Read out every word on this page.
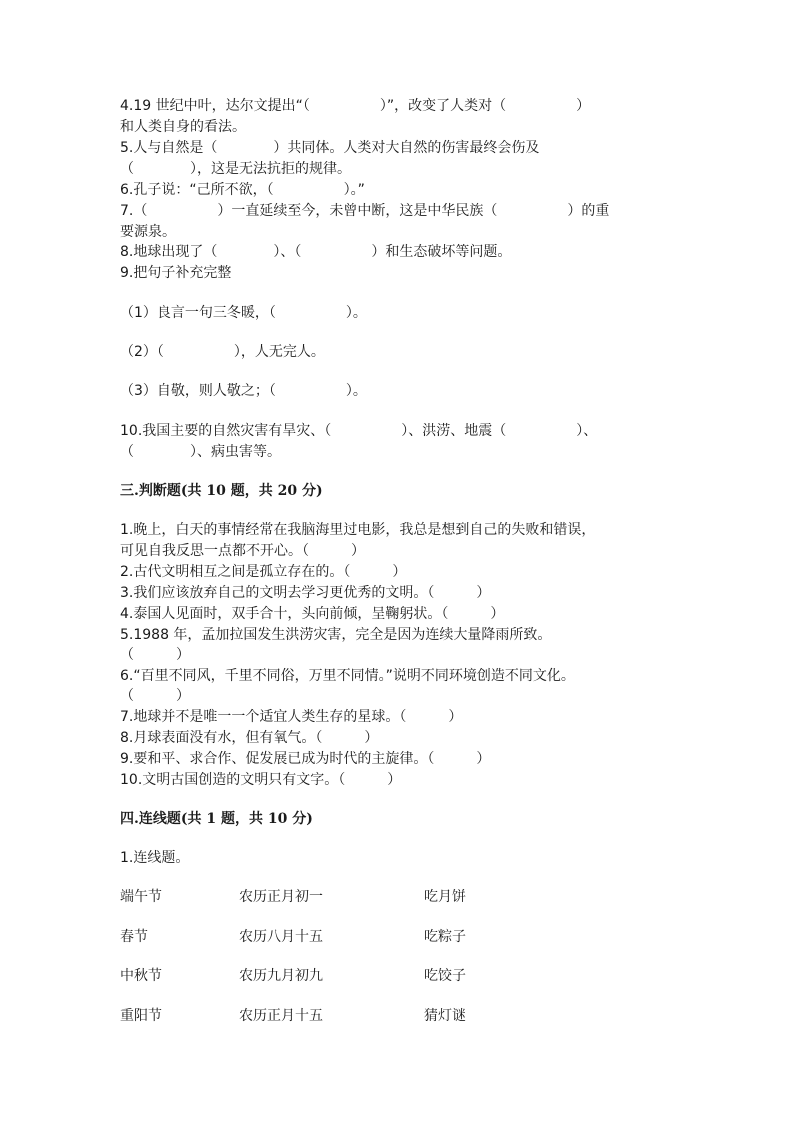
4.19 世纪中叶，达尔文提出“（　　　　　）”，改变了人类对（　　　　　）
和人类自身的看法。
5.人与自然是（　　　　）共同体。人类对大自然的伤害最终会伤及
（　　　　），这是无法抗拒的规律。
6.孔子说：“己所不欲，（　　　　　）。”
7.（　　　　　）一直延续至今，未曾中断，这是中华民族（　　　　　）的重
要源泉。
8.地球出现了（　　　　）、（　　　　　）和生态破坏等问题。
9.把句子补充完整
（1）良言一句三冬暖，（　　　　　）。
（2）（　　　　　），人无完人。
（3）自敬，则人敬之；（　　　　　）。
10.我国主要的自然灾害有旱灾、（　　　　　）、洪涝、地震（　　　　　）、
（　　　　）、病虫害等。
三.判断题(共 10 题，共 20 分)
1.晚上，白天的事情经常在我脑海里过电影，我总是想到自己的失败和错误，
可见自我反思一点都不开心。（　　　）
2.古代文明相互之间是孤立存在的。（　　　）
3.我们应该放弃自己的文明去学习更优秀的文明。（　　　）
4.泰国人见面时，双手合十，头向前倾，呈鞠躬状。（　　　）
5.1988 年，孟加拉国发生洪涝灾害，完全是因为连续大量降雨所致。
（　　　）
6.“百里不同风，千里不同俗，万里不同情。”说明不同环境创造不同文化。
（　　　）
7.地球并不是唯一一个适宜人类生存的星球。（　　　）
8.月球表面没有水，但有氧气。（　　　）
9.要和平、求合作、促发展已成为时代的主旋律。（　　　）
10.文明古国创造的文明只有文字。（　　　）
四.连线题(共 1 题，共 10 分)
1.连线题。
端午节	农历正月初一	吃月饼
春节	农历八月十五	吃粽子
中秋节	农历九月初九	吃饺子
重阳节	农历正月十五	猜灯谜
